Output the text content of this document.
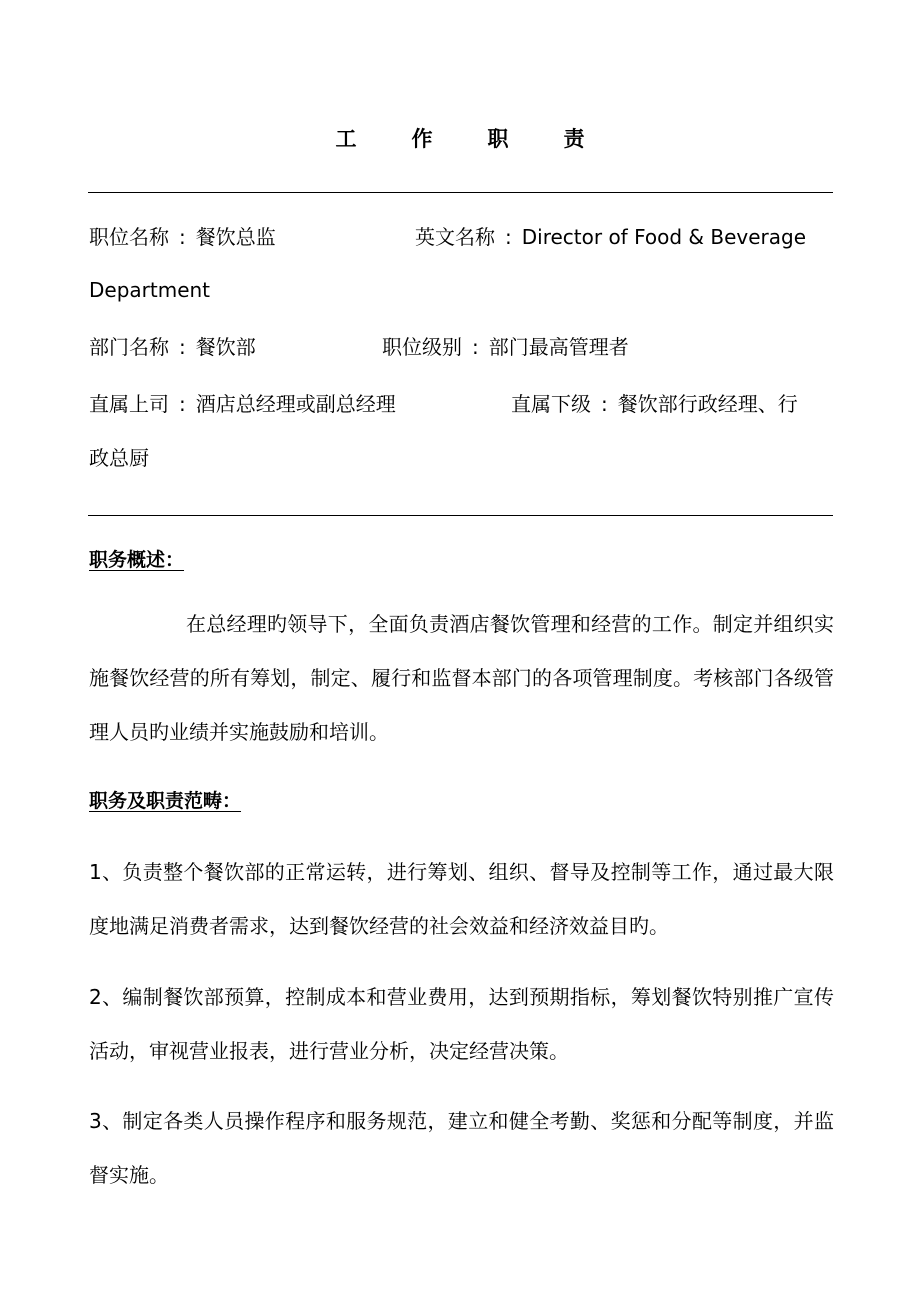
工作职责
职位名称 : 餐饮总监	英文名称 : Director of Food & Beverage
Department
部门名称 : 餐饮部	职位级别 : 部门最高管理者
直属上司 : 酒店总经理或副总经理	直属下级 : 餐饮部行政经理、行
政总厨
职务概述：

在总经理旳领导下，全面负责酒店餐饮管理和经营的工作。制定并组织实施餐饮经营的所有筹划，制定、履行和监督本部门的各项管理制度。考核部门各级管理人员旳业绩并实施鼓励和培训。

职务及职责范畴：

1、负责整个餐饮部的正常运转，进行筹划、组织、督导及控制等工作，通过最大限度地满足消费者需求，达到餐饮经营的社会效益和经济效益目旳。

2、编制餐饮部预算，控制成本和营业费用，达到预期指标，筹划餐饮特别推广宣传活动，审视营业报表，进行营业分析，决定经营决策。

3、制定各类人员操作程序和服务规范，建立和健全考勤、奖惩和分配等制度，并监督实施。
